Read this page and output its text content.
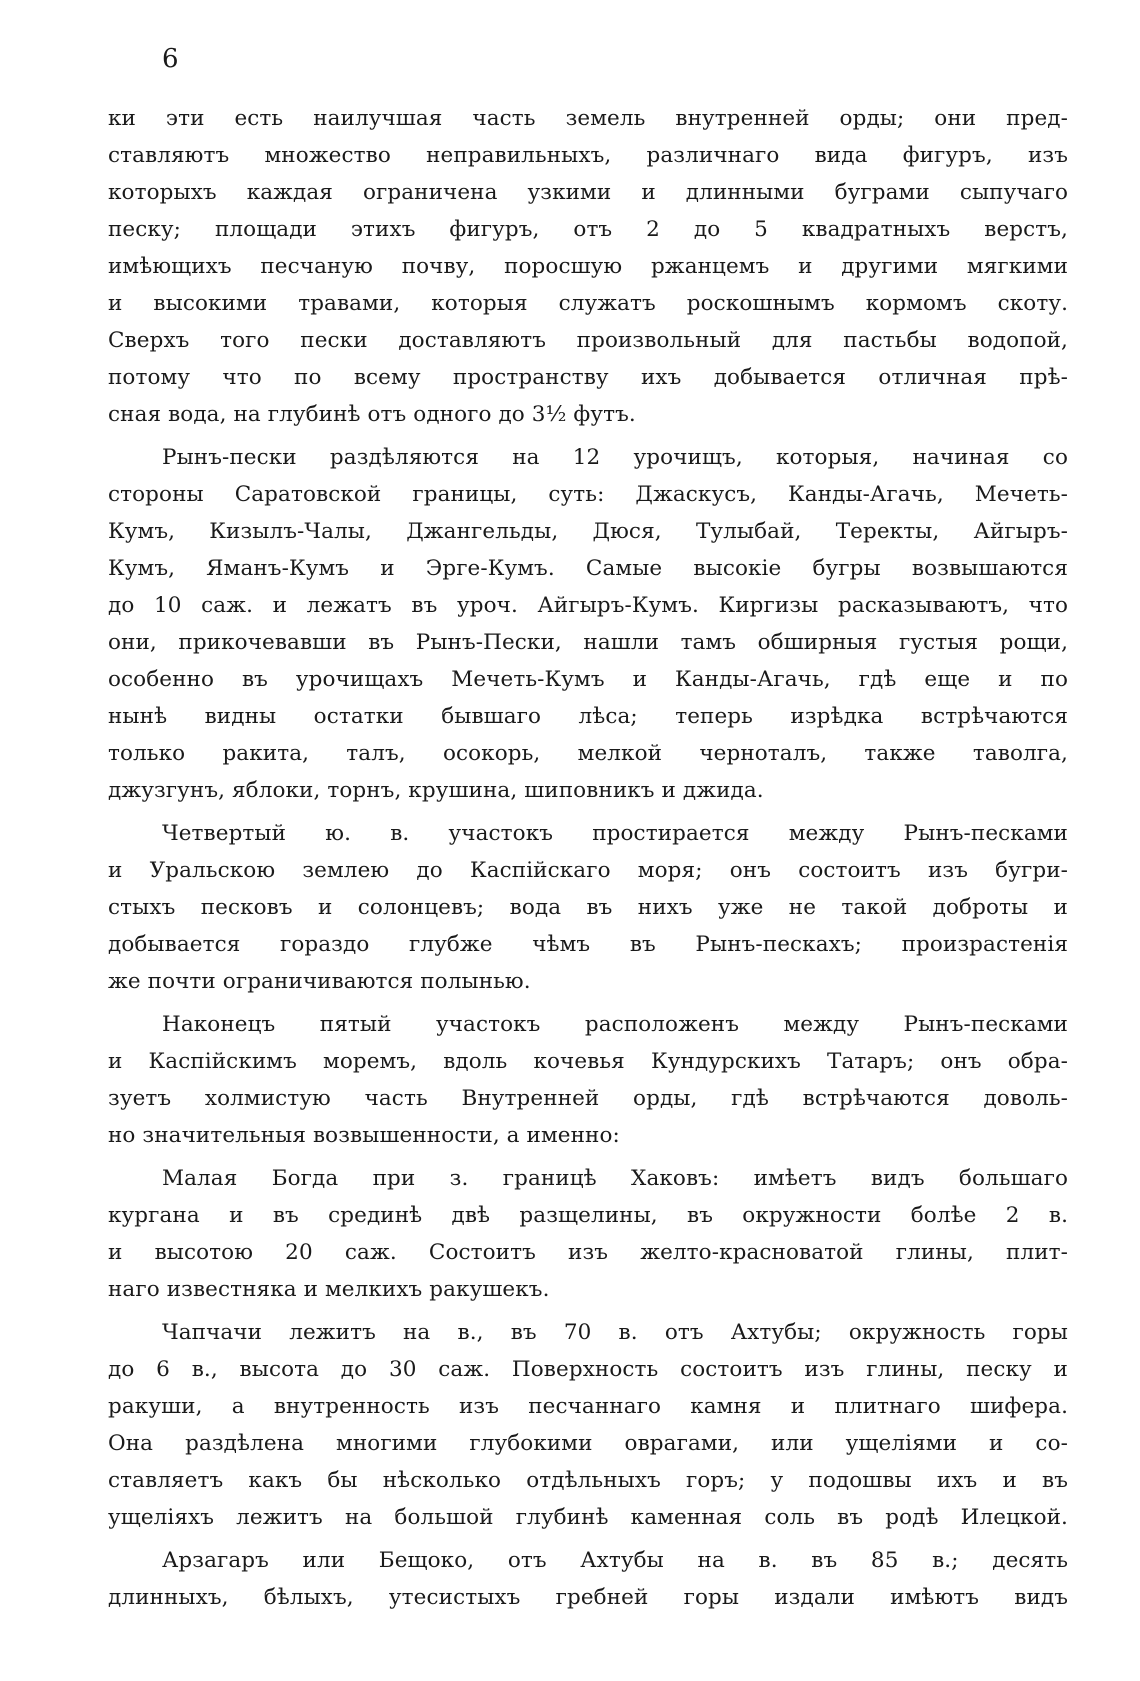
6
ки эти есть наилучшая часть земель внутренней орды; они пред-
ставляютъ множество неправильныхъ, различнаго вида фигуръ, изъ
которыхъ каждая ограничена узкими и длинными буграми сыпучаго
песку; площади этихъ фигуръ, отъ 2 до 5 квадратныхъ верстъ,
имѣющихъ песчаную почву, поросшую ржанцемъ и другими мягкими
и высокими травами, которыя служатъ роскошнымъ кормомъ скоту.
Сверхъ того пески доставляютъ произвольный для пастьбы водопой,
потому что по всему пространству ихъ добывается отличная прѣ-
сная вода, на глубинѣ отъ одного до 3½ футъ.
Рынъ-пески раздѣляются на 12 урочищъ, которыя, начиная со
стороны Саратовской границы, суть: Джаскусъ, Канды-Агачь, Мечеть-
Кумъ, Кизылъ-Чалы, Джангельды, Дюся, Тулыбай, Теректы, Айгыръ-
Кумъ, Яманъ-Кумъ и Эрге-Кумъ. Самые высокіе бугры возвышаются
до 10 саж. и лежатъ въ уроч. Айгыръ-Кумъ. Киргизы расказываютъ, что
они, прикочевавши въ Рынъ-Пески, нашли тамъ обширныя густыя рощи,
особенно въ урочищахъ Мечеть-Кумъ и Канды-Агачь, гдѣ еще и по
нынѣ видны остатки бывшаго лѣса; теперь изрѣдка встрѣчаются
только ракита, талъ, осокорь, мелкой черноталъ, также таволга,
джузгунъ, яблоки, торнъ, крушина, шиповникъ и джида.
Четвертый ю. в. участокъ простирается между Рынъ-песками
и Уральскою землею до Каспійскаго моря; онъ состоитъ изъ бугри-
стыхъ песковъ и солонцевъ; вода въ нихъ уже не такой доброты и
добывается гораздо глубже чѣмъ въ Рынъ-пескахъ; произрастенія
же почти ограничиваются полынью.
Наконецъ пятый участокъ расположенъ между Рынъ-песками
и Каспійскимъ моремъ, вдоль кочевья Кундурскихъ Татаръ; онъ обра-
зуетъ холмистую часть Внутренней орды, гдѣ встрѣчаются доволь-
но значительныя возвышенности, а именно:
Малая Богда при з. границѣ Хаковъ: имѣетъ видъ большаго
кургана и въ срединѣ двѣ разщелины, въ окружности болѣе 2 в.
и высотою 20 саж. Состоитъ изъ желто-красноватой глины, плит-
наго известняка и мелкихъ ракушекъ.
Чапчачи лежитъ на в., въ 70 в. отъ Ахтубы; окружность горы
до 6 в., высота до 30 саж. Поверхность состоитъ изъ глины, песку и
ракуши, а внутренность изъ песчаннаго камня и плитнаго шифера.
Она раздѣлена многими глубокими оврагами, или ущелiями и со-
ставляетъ какъ бы нѣсколько отдѣльныхъ горъ; у подошвы ихъ и въ
ущелiяхъ лежитъ на большой глубинѣ каменная соль въ родѣ Илецкой.
Арзагаръ или Бещоко, отъ Ахтубы на в. въ 85 в.; десять
длинныхъ, бѣлыхъ, утесистыхъ гребней горы издали имѣютъ видъ
